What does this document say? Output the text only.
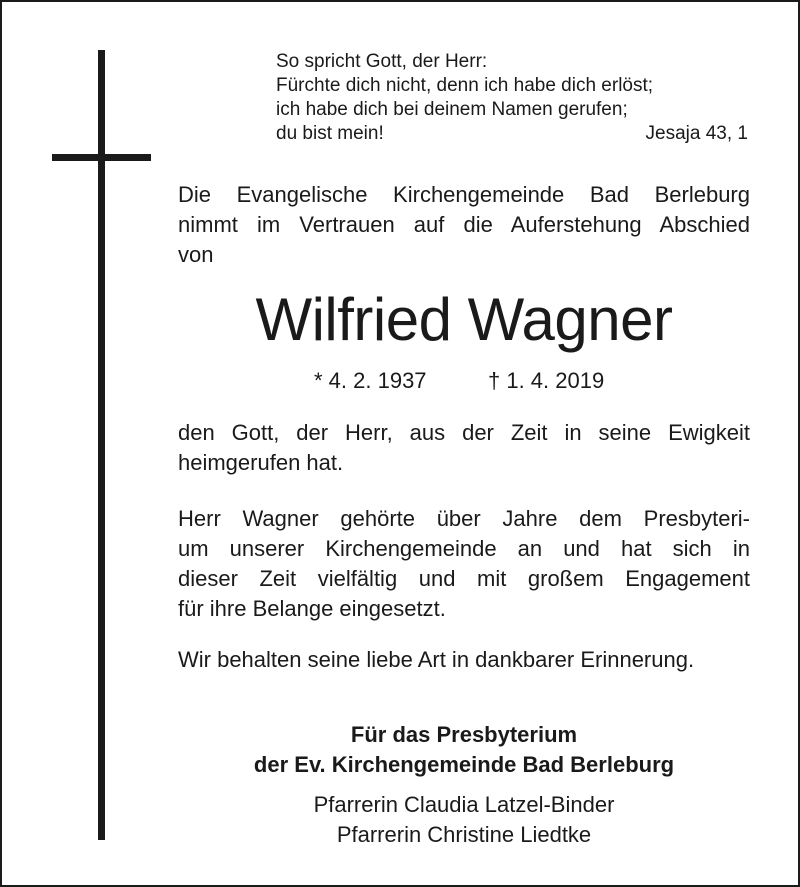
So spricht Gott, der Herr:
Fürchte dich nicht, denn ich habe dich erlöst;
ich habe dich bei deinem Namen gerufen;
du bist mein!	Jesaja 43, 1
Die Evangelische Kirchengemeinde Bad Berleburg
nimmt im Vertrauen auf die Auferstehung Abschied
von
Wilfried Wagner
* 4. 2. 1937	† 1. 4. 2019
den Gott, der Herr, aus der Zeit in seine Ewigkeit
heimgerufen hat.
Herr Wagner gehörte über Jahre dem Presbyteri-
um unserer Kirchengemeinde an und hat sich in
dieser Zeit vielfältig und mit großem Engagement
für ihre Belange eingesetzt.
Wir behalten seine liebe Art in dankbarer Erinnerung.
Für das Presbyterium
der Ev. Kirchengemeinde Bad Berleburg
Pfarrerin Claudia Latzel-Binder
Pfarrerin Christine Liedtke
